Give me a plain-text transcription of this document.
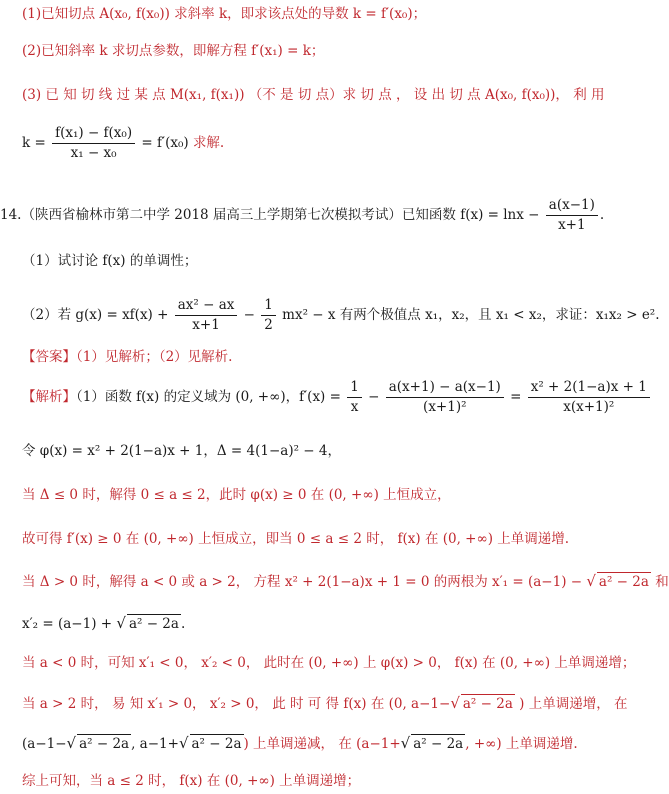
(1)已知切点 A(x₀, f(x₀)) 求斜率 k，即求该点处的导数 k = f′(x₀)；
(2)已知斜率 k 求切点参数，即解方程 f′(x₁) = k；
(3) 已 知 切 线 过 某 点 M(x₁, f(x₁)) （不 是 切 点）求 切 点 ， 设 出 切 点 A(x₀, f(x₀))， 利 用
$k = \frac{\text{f(x₁) − f(x₀)}}{\text{x₁ − x₀}} = f'(x_0)$ 求解.
14.（陕西省榆林市第二中学 2018 届高三上学期第七次模拟考试）已知函数 $f(x) = \ln x - \frac{a(x-1)}{x+1}$ .
（1）试讨论 f(x) 的单调性；
（2）若 $g(x) = xf(x) + \frac{\text{ax² − ax}}{x+1} - \frac{1}{2} mx^2 - x$ 有两个极值点 x₁，x₂，且 x₁ < x₂，求证：x₁x₂ > e².
【答案】（1）见解析；（2）见解析.
【解析】（1）函数 f(x) 的定义域为 (0, +∞)，$f'(x) = \frac{1}{x} - \frac{a(x+1) - a(x-1)}{\text{(x+1)²}} = \frac{\text{x² + 2(1−a)x + 1}}{\text{x(x+1)²}}$
令 φ(x) = x² + 2(1−a)x + 1，Δ = 4(1−a)² − 4，
当 Δ ≤ 0 时，解得 0 ≤ a ≤ 2，此时 φ(x) ≥ 0 在 (0, +∞) 上恒成立，
故可得 f′(x) ≥ 0 在 (0, +∞) 上恒成立，即当 0 ≤ a ≤ 2 时， f(x) 在 (0, +∞) 上单调递增.
当 Δ > 0 时，解得 a < 0 或 a > 2， 方程 x² + 2(1−a)x + 1 = 0 的两根为 x′₁ = (a−1) − √ a² − 2a 和
x′₂ = (a−1) + √ a² − 2a .
当 a < 0 时，可知 x′₁ < 0， x′₂ < 0， 此时在 (0, +∞) 上 φ(x) > 0， f(x) 在 (0, +∞) 上单调递增；
当 a > 2 时， 易 知 x′₁ > 0， x′₂ > 0， 此 时 可 得 f(x) 在 (0, a−1−√ a² − 2a ) 上单调递增， 在
(a−1−√ a² − 2a , a−1+√ a² − 2a ) 上单调递减， 在 (a−1+√ a² − 2a , +∞) 上单调递增.
综上可知，当 a ≤ 2 时， f(x) 在 (0, +∞) 上单调递增；
